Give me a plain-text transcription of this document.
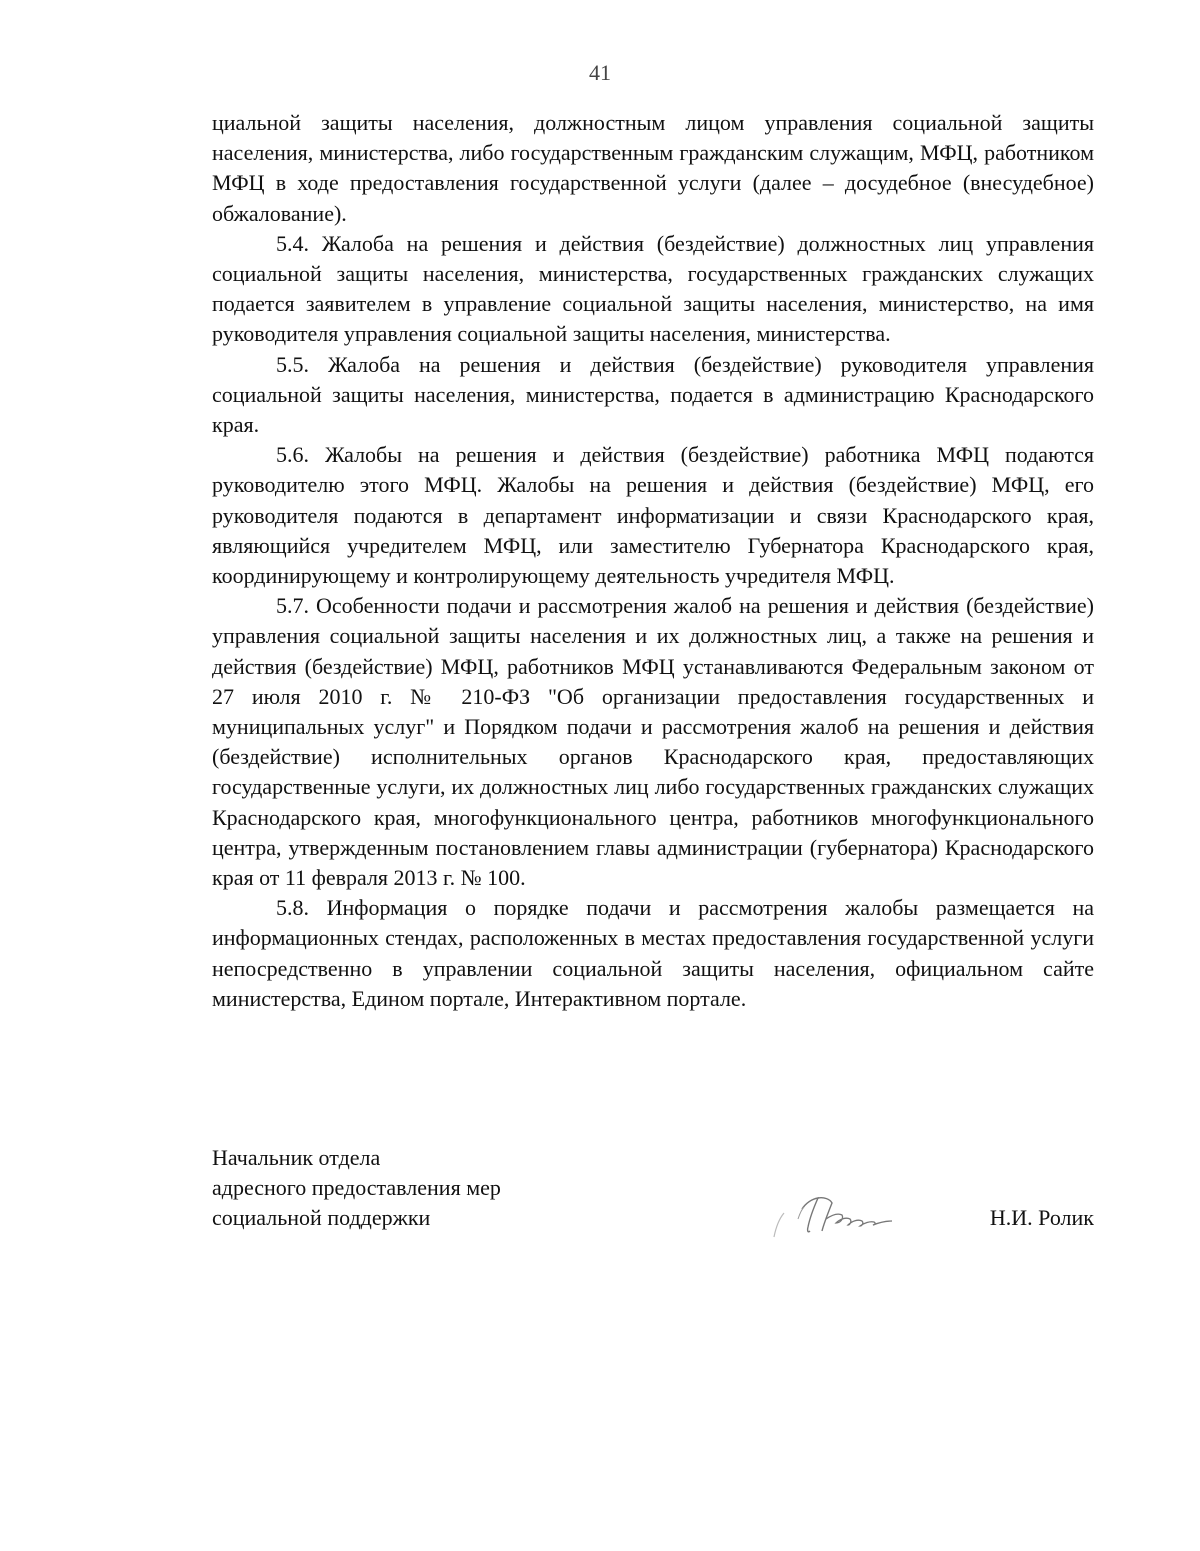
41

циальной защиты населения, должностным лицом управления социальной защиты населения, министерства, либо государственным гражданским служащим, МФЦ, работником МФЦ в ходе предоставления государственной услуги (далее – досудебное (внесудебное) обжалование).

5.4. Жалоба на решения и действия (бездействие) должностных лиц управления социальной защиты населения, министерства, государственных гражданских служащих подается заявителем в управление социальной защиты населения, министерство, на имя руководителя управления социальной защиты населения, министерства.

5.5. Жалоба на решения и действия (бездействие) руководителя управления социальной защиты населения, министерства, подается в администрацию Краснодарского края.

5.6. Жалобы на решения и действия (бездействие) работника МФЦ подаются руководителю этого МФЦ. Жалобы на решения и действия (бездействие) МФЦ, его руководителя подаются в департамент информатизации и связи Краснодарского края, являющийся учредителем МФЦ, или заместителю Губернатора Краснодарского края, координирующему и контролирующему деятельность учредителя МФЦ.

5.7. Особенности подачи и рассмотрения жалоб на решения и действия (бездействие) управления социальной защиты населения и их должностных лиц, а также на решения и действия (бездействие) МФЦ, работников МФЦ устанавливаются Федеральным законом от 27 июля 2010 г. № 210-ФЗ "Об организации предоставления государственных и муниципальных услуг" и Порядком подачи и рассмотрения жалоб на решения и действия (бездействие) исполнительных органов Краснодарского края, предоставляющих государственные услуги, их должностных лиц либо государственных гражданских служащих Краснодарского края, многофункционального центра, работников многофункционального центра, утвержденным постановлением главы администрации (губернатора) Краснодарского края от 11 февраля 2013 г. № 100.

5.8. Информация о порядке подачи и рассмотрения жалобы размещается на информационных стендах, расположенных в местах предоставления государственной услуги непосредственно в управлении социальной защиты населения, официальном сайте министерства, Едином портале, Интерактивном портале.

Начальник отдела
адресного предоставления мер
социальной поддержки	Н.И. Ролик
